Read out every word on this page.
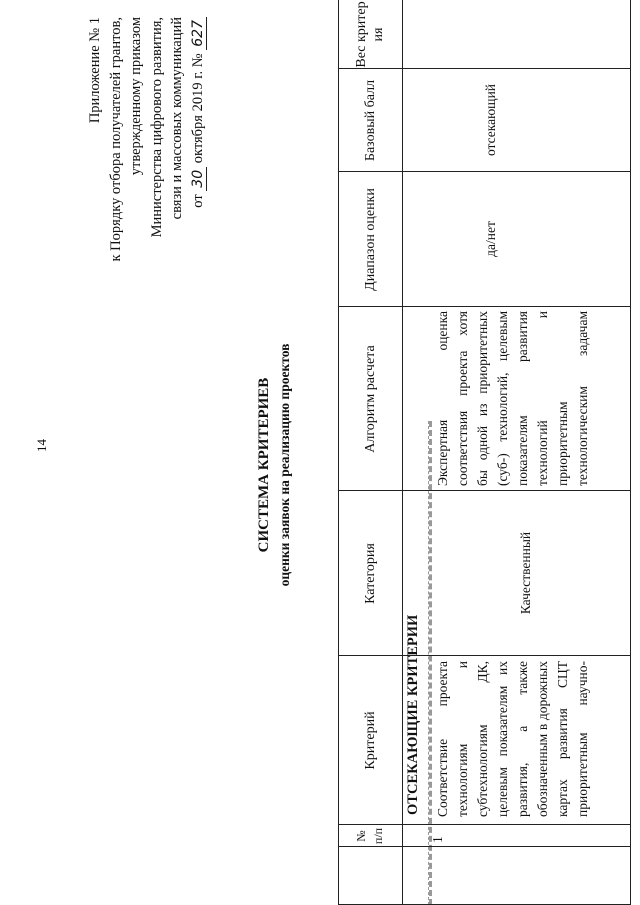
14
Приложение № 1 к Порядку отбора получателей грантов, утвержденному приказом Министерства цифрового развития, связи и массовых коммуникаций от 30 октября 2019 г. № 627
СИСТЕМА КРИТЕРИЕВ оценки заявок на реализацию проектов
Вес критер ия
Базовый балл
Диапазон оценки
Алгоритм расчета
Категория
Критерий
№ п/п
ОТСЕКАЮЩИЕ КРИТЕРИИ
1
Соответствие проекта технологиям и субтехнологиям ДК, целевым показателям их развития, а также обозначенным в дорожных картах развития СЦТ приоритетным научно-
Качественный
Экспертная оценка соответствия проекта хотя бы одной из приоритетных (суб-) технологий, целевым показателям развития технологий и приоритетным технологическим задачам
да/нет
отсекающий
